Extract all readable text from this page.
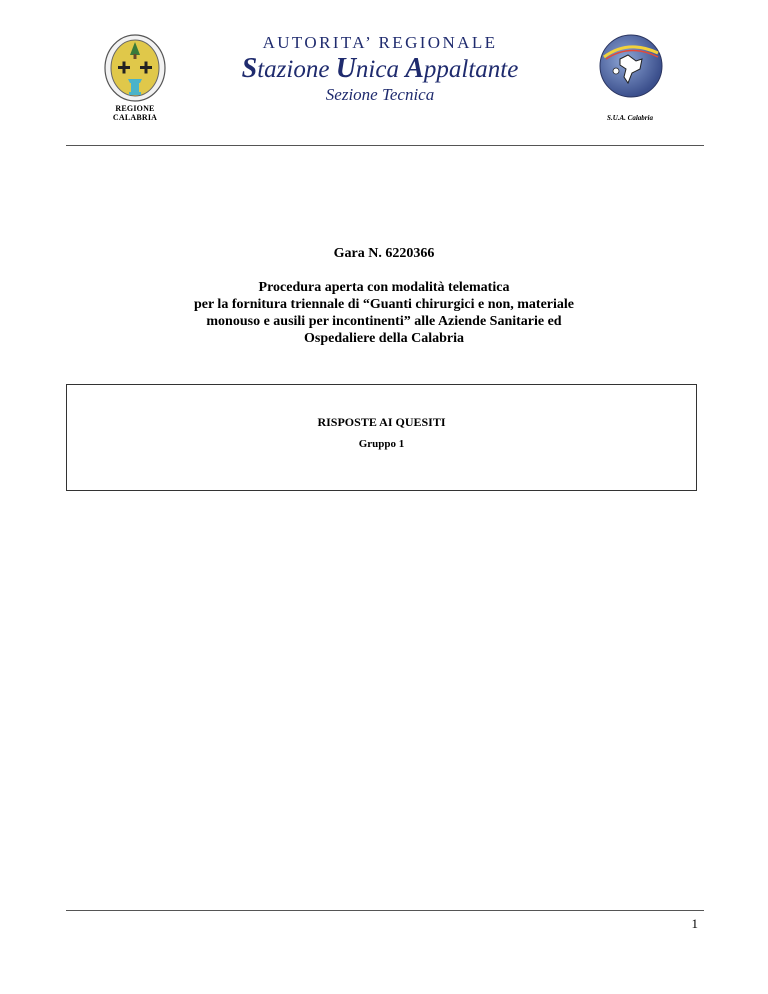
REGIONE
CALABRIA
AUTORITA’ REGIONALE
Stazione Unica Appaltante
Sezione Tecnica
S.U.A. Calabria
Gara N. 6220366
Procedura aperta con modalità telematica
per la fornitura triennale di “Guanti chirurgici e non, materiale
monouso e ausili per incontinenti” alle Aziende Sanitarie ed
Ospedaliere della Calabria
RISPOSTE AI QUESITI
Gruppo 1
1
